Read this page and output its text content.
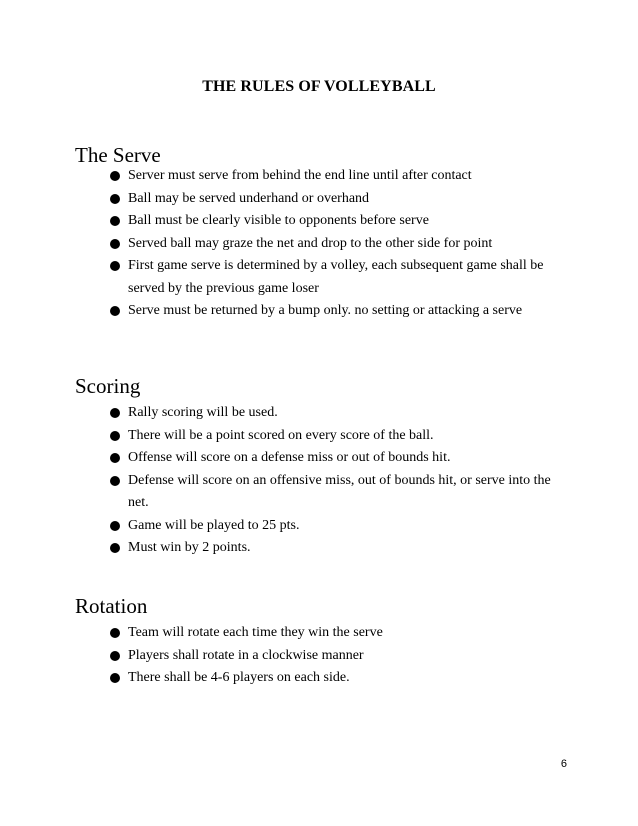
THE RULES OF VOLLEYBALL
The Serve
Server must serve from behind the end line until after contact
Ball may be served underhand or overhand
Ball must be clearly visible to opponents before serve
Served ball may graze the net and drop to the other side for point
First game serve is determined by a volley, each subsequent game shall be served by the previous game loser
Serve must be returned by a bump only. no setting or attacking a serve
Scoring
Rally scoring will be used.
There will be a point scored on every score of the ball.
Offense will score on a defense miss or out of bounds hit.
Defense will score on an offensive miss, out of bounds hit, or serve into the net.
Game will be played to 25 pts.
Must win by 2 points.
Rotation
Team will rotate each time they win the serve
Players shall rotate in a clockwise manner
There shall be 4-6 players on each side.
6
